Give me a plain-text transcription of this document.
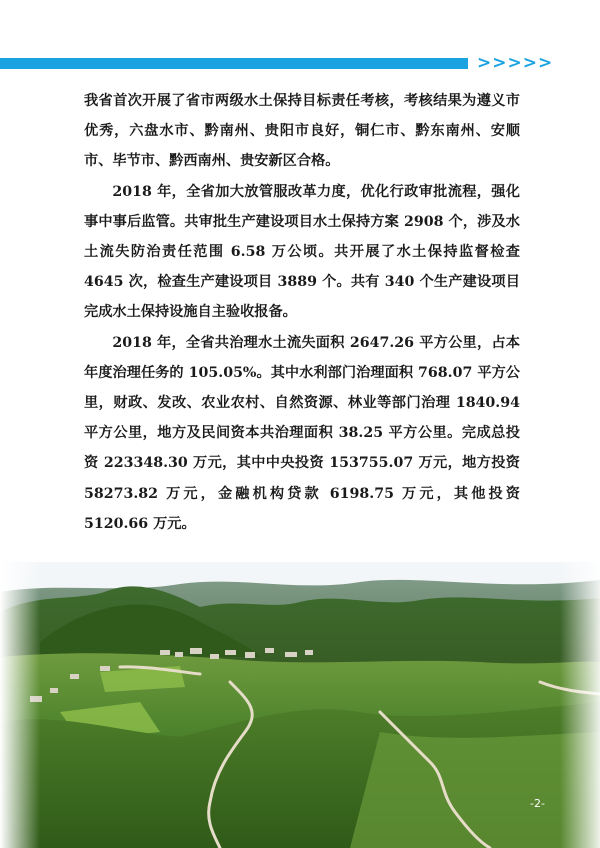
>>>>>

我省首次开展了省市两级水土保持目标责任考核，考核结果为遵义市优秀，六盘水市、黔南州、贵阳市良好，铜仁市、黔东南州、安顺市、毕节市、黔西南州、贵安新区合格。

2018 年，全省加大放管服改革力度，优化行政审批流程，强化事中事后监管。共审批生产建设项目水土保持方案 2908 个，涉及水土流失防治责任范围 6.58 万公顷。共开展了水土保持监督检查 4645 次，检查生产建设项目 3889 个。共有 340 个生产建设项目完成水土保持设施自主验收报备。

2018 年，全省共治理水土流失面积 2647.26 平方公里，占本年度治理任务的 105.05%。其中水利部门治理面积 768.07 平方公里，财政、发改、农业农村、自然资源、林业等部门治理 1840.94 平方公里，地方及民间资本共治理面积 38.25 平方公里。完成总投资 223348.30 万元，其中中央投资 153755.07 万元，地方投资 58273.82 万元，金融机构贷款 6198.75 万元，其他投资 5120.66 万元。

-2-
